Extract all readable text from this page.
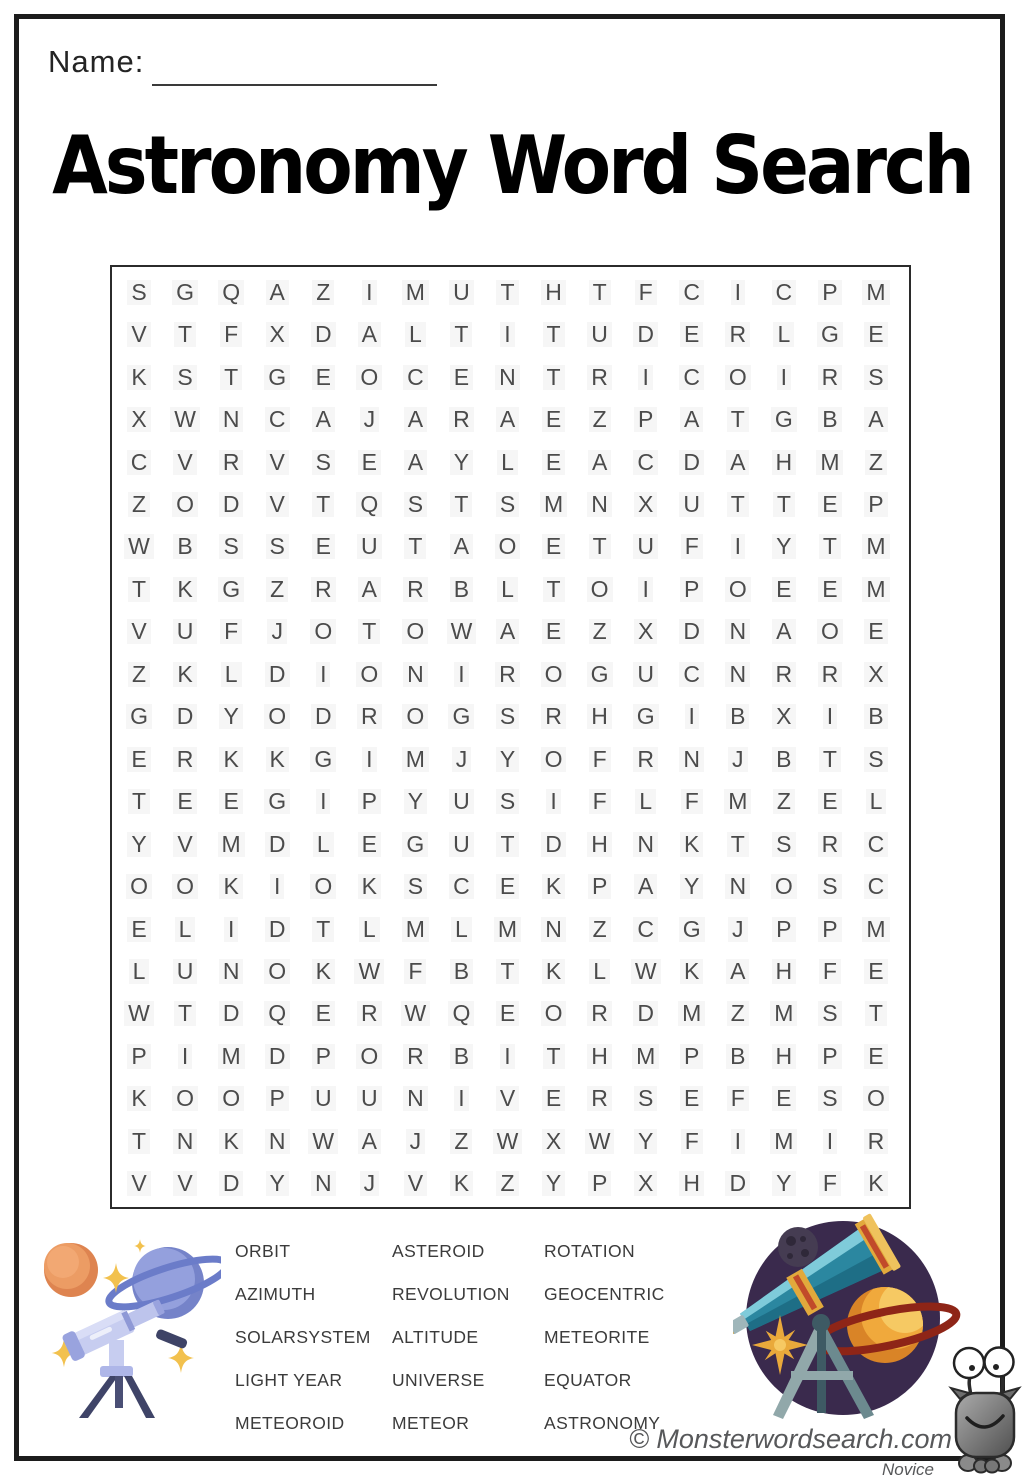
Name:
Astronomy Word Search
S G Q A Z I M U T H T F C I C P M
V T F X D A L T I T U D E R L G E
K S T G E O C E N T R I C O I R S
X W N C A J A R A E Z P A T G B A
C V R V S E A Y L E A C D A H M Z
Z O D V T Q S T S M N X U T T E P
W B S S E U T A O E T U F I Y T M
T K G Z R A R B L T O I P O E E M
V U F J O T O W A E Z X D N A O E
Z K L D I O N I R O G U C N R R X
G D Y O D R O G S R H G I B X I B
E R K K G I M J Y O F R N J B T S
T E E G I P Y U S I F L F M Z E L
Y V M D L E G U T D H N K T S R C
O O K I O K S C E K P A Y N O S C
E L I D T L M L M N Z C G J P P M
L U N O K W F B T K L W K A H F E
W T D Q E R W Q E O R D M Z M S T
P I M D P O R B I T H M P B H P E
K O O P U U N I V E R S E F E S O
T N K N W A J Z W X W Y F I M I R
V V D Y N J V K Z Y P X H D Y F K
ORBIT
AZIMUTH
SOLARSYSTEM
LIGHT YEAR
METEOROID
ASTEROID
REVOLUTION
ALTITUDE
UNIVERSE
METEOR
ROTATION
GEOCENTRIC
METEORITE
EQUATOR
ASTRONOMY
© Monsterwordsearch.com
Novice
